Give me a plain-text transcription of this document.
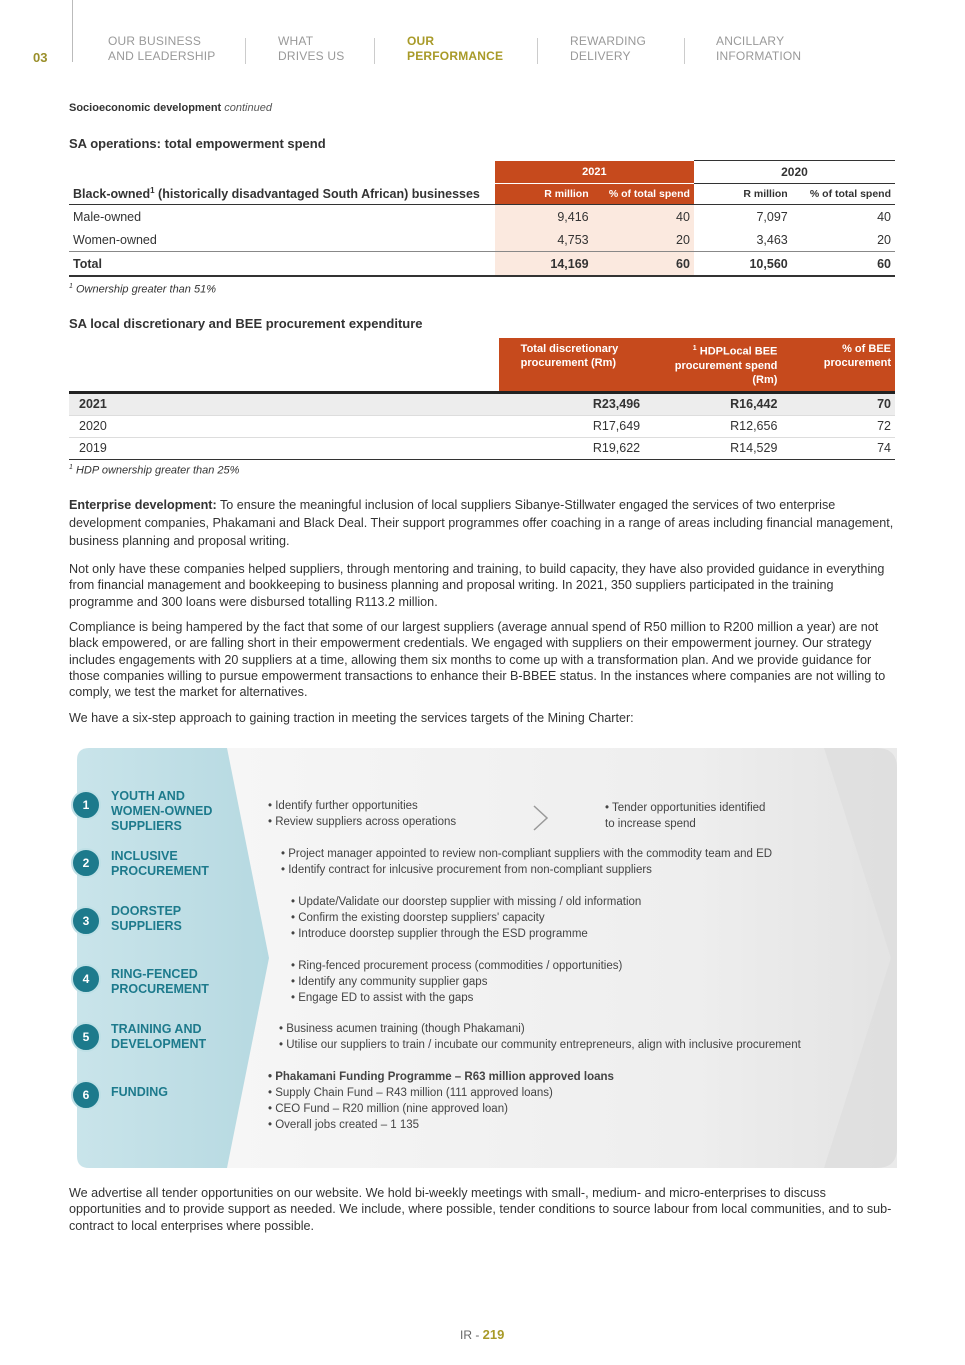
03
OUR BUSINESS
AND LEADERSHIP
WHAT
DRIVES US
OUR
PERFORMANCE
REWARDING
DELIVERY
ANCILLARY
INFORMATION
Socioeconomic development continued
SA operations: total empowerment spend
	2021		2020	
Black-owned$^1$ (historically disadvantaged South African) businesses	R million	% of total spend	R million	% of total spend
Male-owned	9,416	40	7,097	40
Women-owned	4,753	20	3,463	20
Total	14,169	60	10,560	60
$^1$ Ownership greater than 51%
SA local discretionary and BEE procurement expenditure
	Total discretionary procurement (Rm)	$^1$ HDPLocal BEE procurement spend (Rm)	% of BEE procurement
2021	R23,496	R16,442	70
2020	R17,649	R12,656	72
2019	R19,622	R14,529	74
$^1$ HDP ownership greater than 25%

Enterprise development: To ensure the meaningful inclusion of local suppliers Sibanye-Stillwater engaged the services of two enterprise development companies, Phakamani and Black Deal. Their support programmes offer coaching in a range of areas including financial management, business planning and proposal writing.

Not only have these companies helped suppliers, through mentoring and training, to build capacity, they have also provided guidance in everything from financial management and bookkeeping to business planning and proposal writing. In 2021, 350 suppliers participated in the training programme and 300 loans were disbursed totalling R113.2 million.

Compliance is being hampered by the fact that some of our largest suppliers (average annual spend of R50 million to R200 million a year) are not black empowered, or are falling short in their empowerment credentials. We engaged with suppliers on their empowerment journey. Our strategy includes engagements with 20 suppliers at a time, allowing them six months to come up with a transformation plan. And we provide guidance for those companies willing to pursue empowerment transactions to enhance their B-BBEE status. In the instances where companies are not willing to comply, we test the market for alternatives.

We have a six-step approach to gaining traction in meeting the services targets of the Mining Charter:

1
YOUTH AND WOMEN-OWNED SUPPLIERS
• Identify further opportunities
• Review suppliers across operations
• Tender opportunities identified to increase spend
2	INCLUSIVE PROCUREMENT
• Project manager appointed to review non-compliant suppliers with the commodity team and ED
• Identify contract for inlcusive procurement from non-compliant suppliers
3
DOORSTEP SUPPLIERS
• Update/Validate our doorstep supplier with missing / old information
• Confirm the existing doorstep suppliers' capacity
• Introduce doorstep supplier through the ESD programme
4	RING-FENCED PROCUREMENT
• Ring-fenced procurement process (commodities / opportunities)
• Identify any community supplier gaps
• Engage ED to assist with the gaps
5
TRAINING AND DEVELOPMENT
• Business acumen training (though Phakamani)
• Utilise our suppliers to train / incubate our community entrepreneurs, align with inclusive procurement
6	FUNDING
• Phakamani Funding Programme – R63 million approved loans
• Supply Chain Fund – R43 million (111 approved loans)
• CEO Fund – R20 million (nine approved loan)
• Overall jobs created – 1 135

We advertise all tender opportunities on our website. We hold bi-weekly meetings with small-, medium- and micro-enterprises to discuss opportunities and to provide support as needed. We include, where possible, tender conditions to source labour from local communities, and to sub-contract to local enterprises where possible.

IR - 219
